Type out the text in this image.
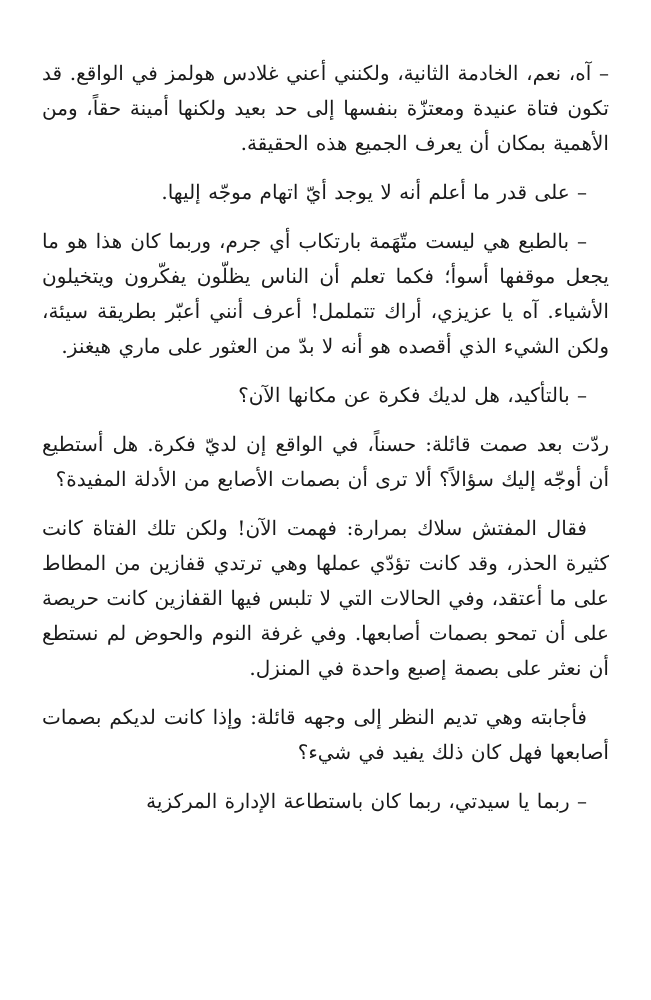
– آه، نعم، الخادمة الثانية، ولكنني أعني غلادس هولمز في الواقع. قد تكون فتاة عنيدة ومعتزّة بنفسها إلى حد بعيد ولكنها أمينة حقاً، ومن الأهمية بمكان أن يعرف الجميع هذه الحقيقة.

– على قدر ما أعلم أنه لا يوجد أيّ اتهام موجّه إليها.

– بالطبع هي ليست متّهَمة بارتكاب أي جرم، وربما كان هذا هو ما يجعل موقفها أسوأ؛ فكما تعلم أن الناس يظلّون يفكّرون ويتخيلون الأشياء. آه يا عزيزي، أراك تتململ! أعرف أنني أعبّر بطريقة سيئة، ولكن الشيء الذي أقصده هو أنه لا بدّ من العثور على ماري هيغنز.

– بالتأكيد، هل لديك فكرة عن مكانها الآن؟

ردّت بعد صمت قائلة: حسناً، في الواقع إن لديّ فكرة. هل أستطيع أن أوجّه إليك سؤالاً؟ ألا ترى أن بصمات الأصابع من الأدلة المفيدة؟

فقال المفتش سلاك بمرارة: فهمت الآن! ولكن تلك الفتاة كانت كثيرة الحذر، وقد كانت تؤدّي عملها وهي ترتدي قفازين من المطاط على ما أعتقد، وفي الحالات التي لا تلبس فيها القفازين كانت حريصة على أن تمحو بصمات أصابعها. وفي غرفة النوم والحوض لم نستطع أن نعثر على بصمة إصبع واحدة في المنزل.

فأجابته وهي تديم النظر إلى وجهه قائلة: وإذا كانت لديكم بصمات أصابعها فهل كان ذلك يفيد في شيء؟

– ربما يا سيدتي، ربما كان باستطاعة الإدارة المركزية
